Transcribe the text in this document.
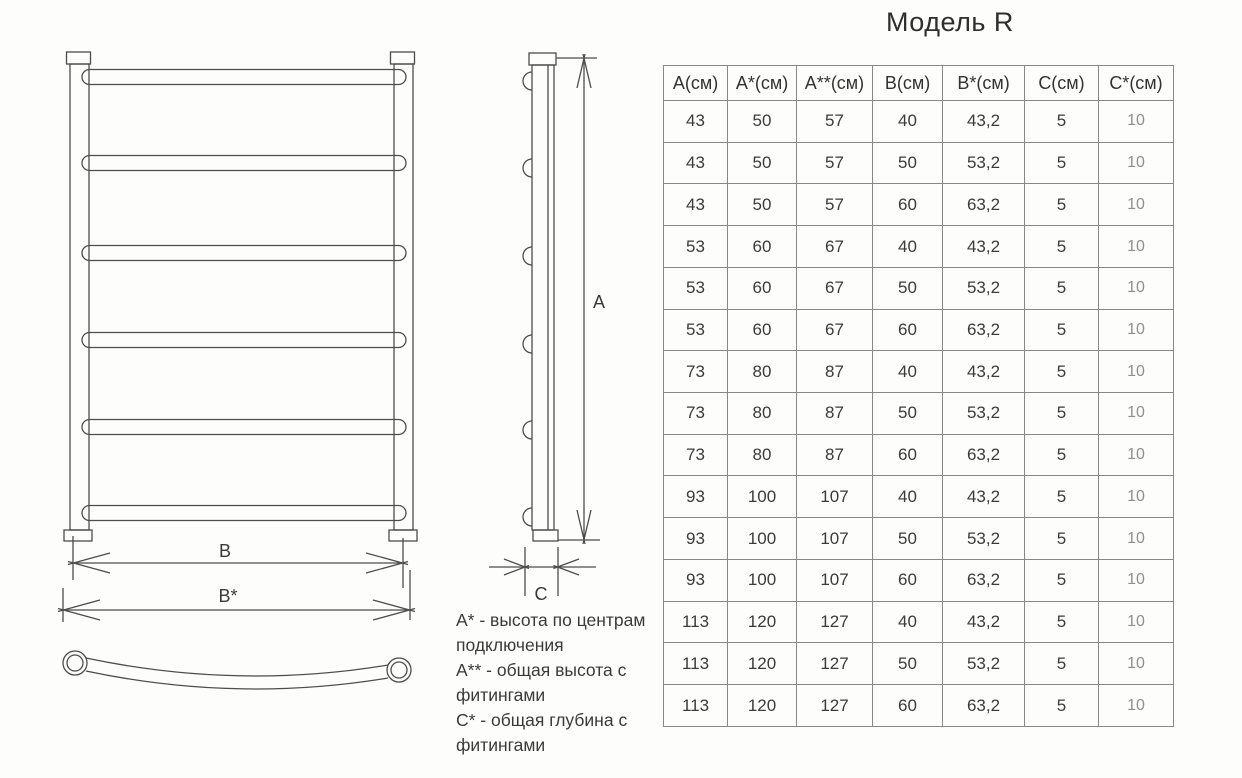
В
В*
А
С
Модель R
А(см)	А*(см)	А**(см)	В(см)	В*(см)	С(см)	С*(см)
43	50	57	40	43,2	5	10
43	50	57	50	53,2	5	10
43	50	57	60	63,2	5	10
53	60	67	40	43,2	5	10
53	60	67	50	53,2	5	10
53	60	67	60	63,2	5	10
73	80	87	40	43,2	5	10
73	80	87	50	53,2	5	10
73	80	87	60	63,2	5	10
93	100	107	40	43,2	5	10
93	100	107	50	53,2	5	10
93	100	107	60	63,2	5	10
113	120	127	40	43,2	5	10
113	120	127	50	53,2	5	10
113	120	127	60	63,2	5	10

А* - высота по центрам подключения

А** - общая высота с фитингами

С* - общая глубина с фитингами
